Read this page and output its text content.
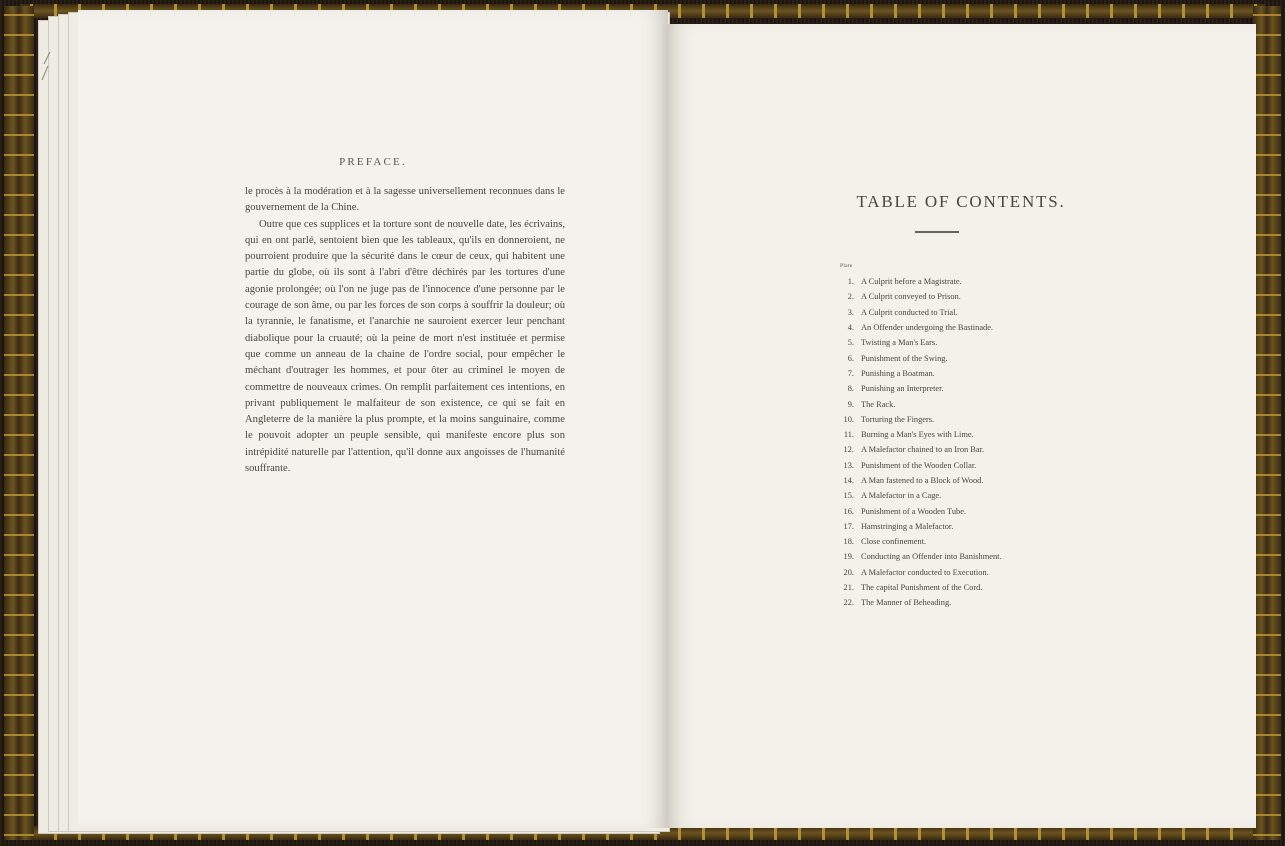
PREFACE.

le procès à la modération et à la sagesse universellement reconnues dans le gouvernement de la Chine.

Outre que ces supplices et la torture sont de nouvelle date, les écrivains, qui en ont parlé, sentoient bien que les tableaux, qu'ils en donneroient, ne pourroient produire que la sécurité dans le cœur de ceux, qui habitent une partie du globe, où ils sont à l'abri d'être déchirés par les tortures d'une agonie prolongée; où l'on ne juge pas de l'innocence d'une personne par le courage de son âme, ou par les forces de son corps à souffrir la douleur; où la tyrannie, le fanatisme, et l'anarchie ne sauroient exercer leur penchant diabolique pour la cruauté; où la peine de mort n'est instituée et permise que comme un anneau de la chaine de l'ordre social, pour empêcher le méchant d'outrager les hommes, et pour ôter au criminel le moyen de commettre de nouveaux crimes. On remplit parfaitement ces intentions, en privant publiquement le malfaiteur de son existence, ce qui se fait en Angleterre de la manière la plus prompte, et la moins sanguinaire, comme le pouvoit adopter un peuple sensible, qui manifeste encore plus son intrépidité naturelle par l'attention, qu'il donne aux angoisses de l'humanité souffrante.

TABLE OF CONTENTS.
Plate
1. A Culprit before a Magistrate.
2. A Culprit conveyed to Prison.
3. A Culprit conducted to Trial.
4. An Offender undergoing the Bastinade.
5. Twisting a Man's Ears.
6. Punishment of the Swing.
7. Punishing a Boatman.
8. Punishing an Interpreter.
9. The Rack.
10. Torturing the Fingers.
11. Burning a Man's Eyes with Lime.
12. A Malefactor chained to an Iron Bar.
13. Punishment of the Wooden Collar.
14. A Man fastened to a Block of Wood.
15. A Malefactor in a Cage.
16. Punishment of a Wooden Tube.
17. Hamstringing a Malefactor.
18. Close confinement.
19. Conducting an Offender into Banishment.
20. A Malefactor conducted to Execution.
21. The capital Punishment of the Cord.
22. The Manner of Beheading.
